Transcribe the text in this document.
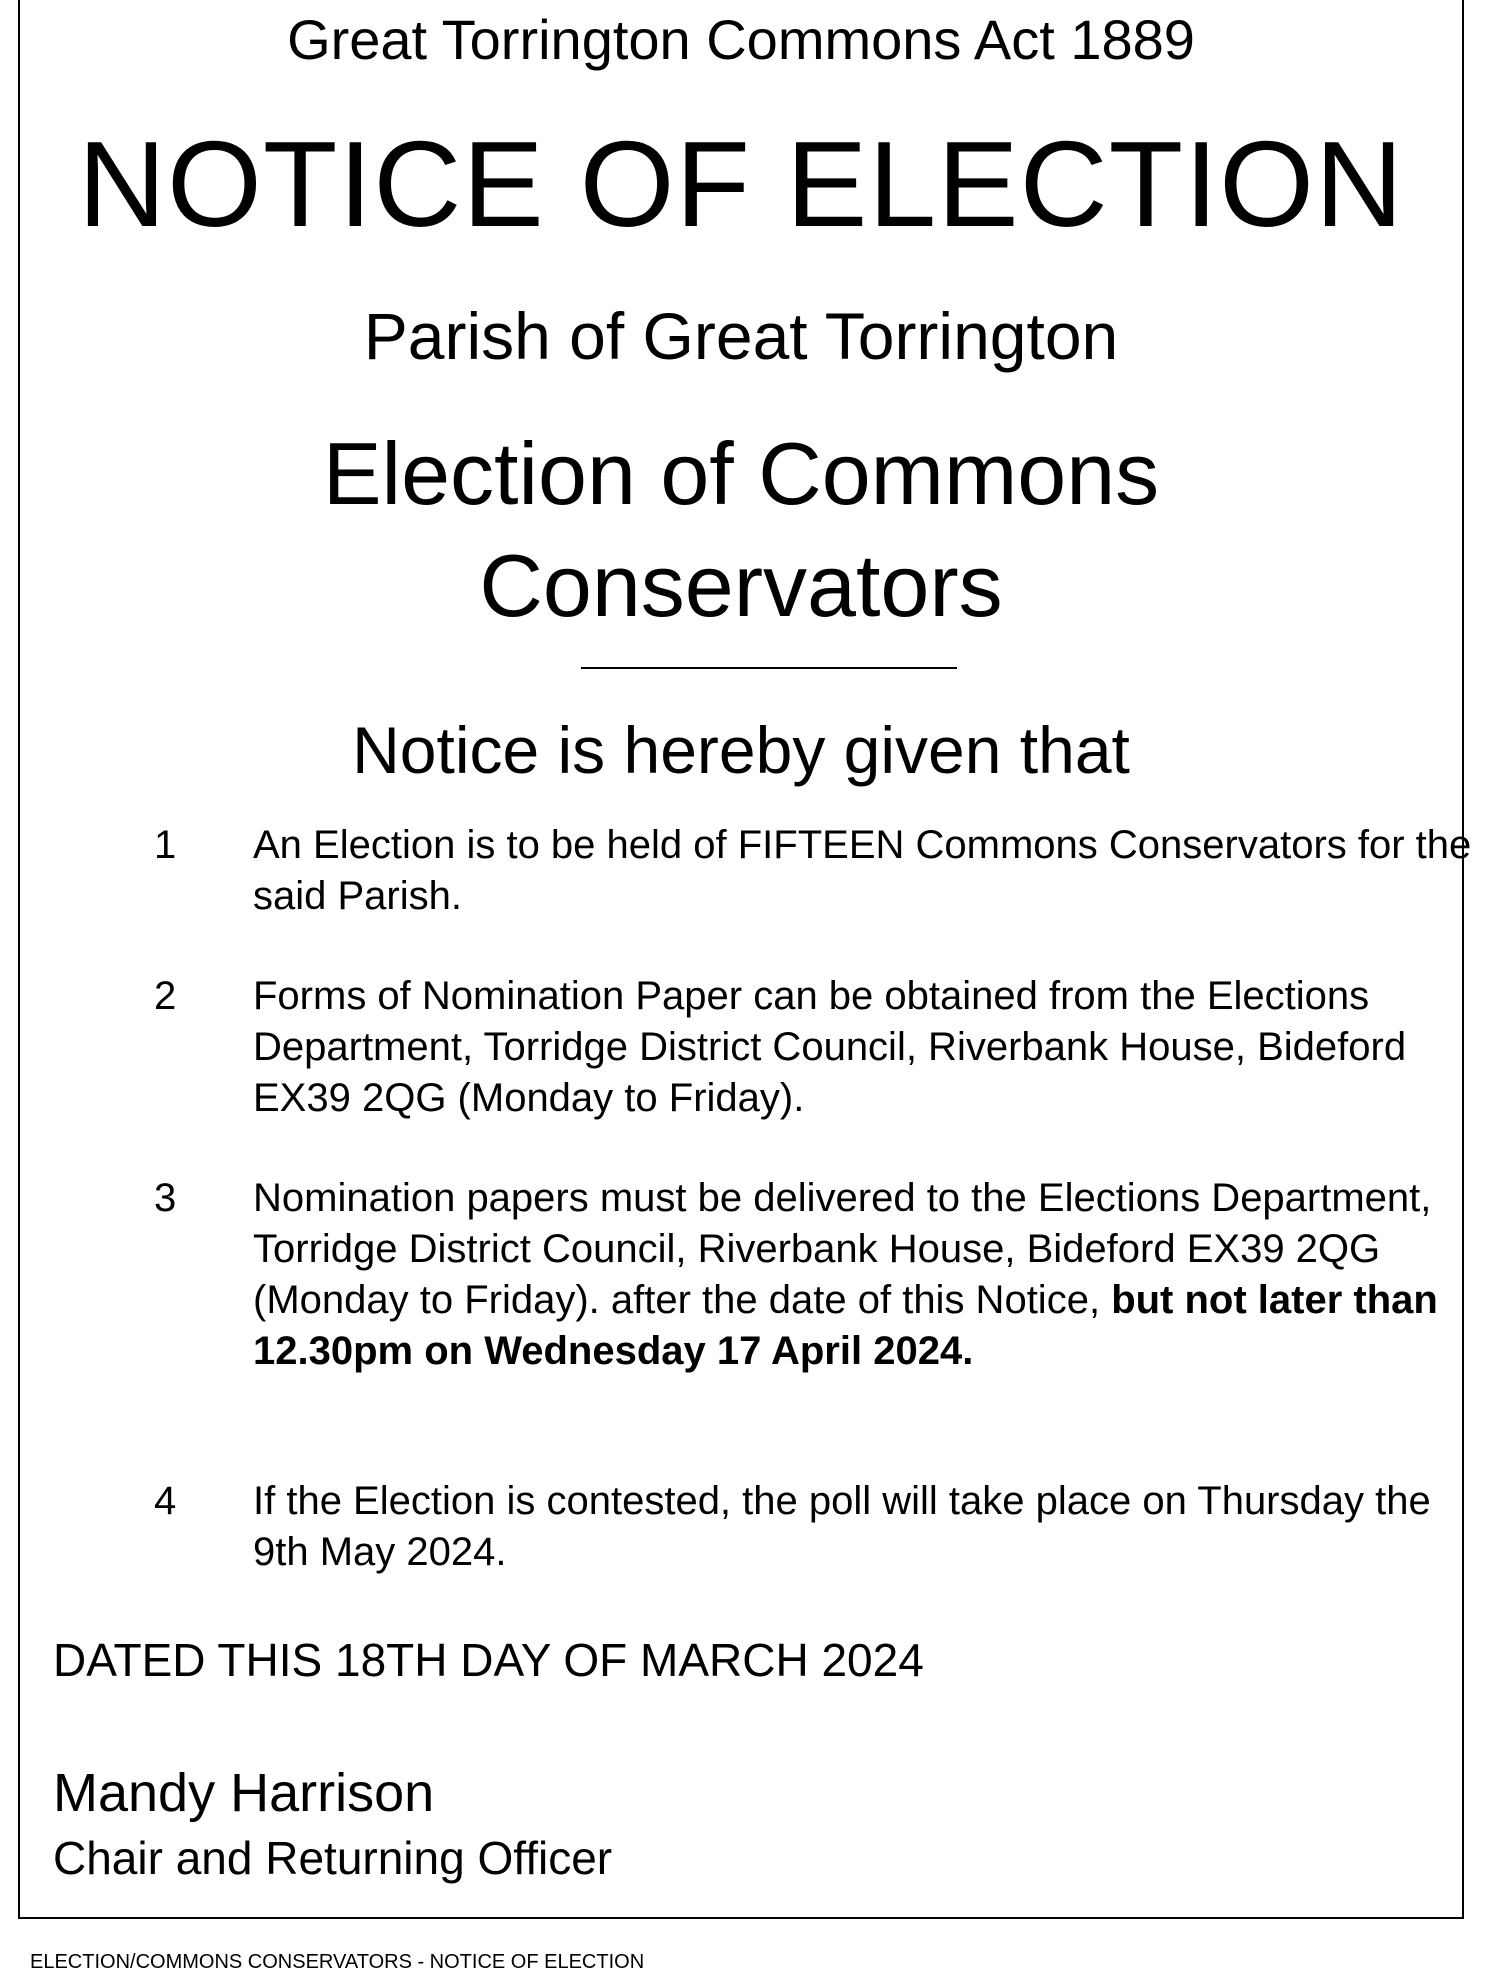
Great Torrington Commons Act 1889
NOTICE OF ELECTION
Parish of Great Torrington
Election of Commons
Conservators
Notice is hereby given that
1 An Election is to be held of FIFTEEN Commons Conservators for the said Parish.
2 Forms of Nomination Paper can be obtained from the Elections Department, Torridge District Council, Riverbank House, Bideford EX39 2QG (Monday to Friday).
3 Nomination papers must be delivered to the Elections Department, Torridge District Council, Riverbank House, Bideford EX39 2QG (Monday to Friday). after the date of this Notice, but not later than 12.30pm on Wednesday 17 April 2024.
4 If the Election is contested, the poll will take place on Thursday the 9th May 2024.
DATED THIS 18TH DAY OF MARCH 2024
Mandy Harrison
Chair and Returning Officer
ELECTION/COMMONS CONSERVATORS - NOTICE OF ELECTION
